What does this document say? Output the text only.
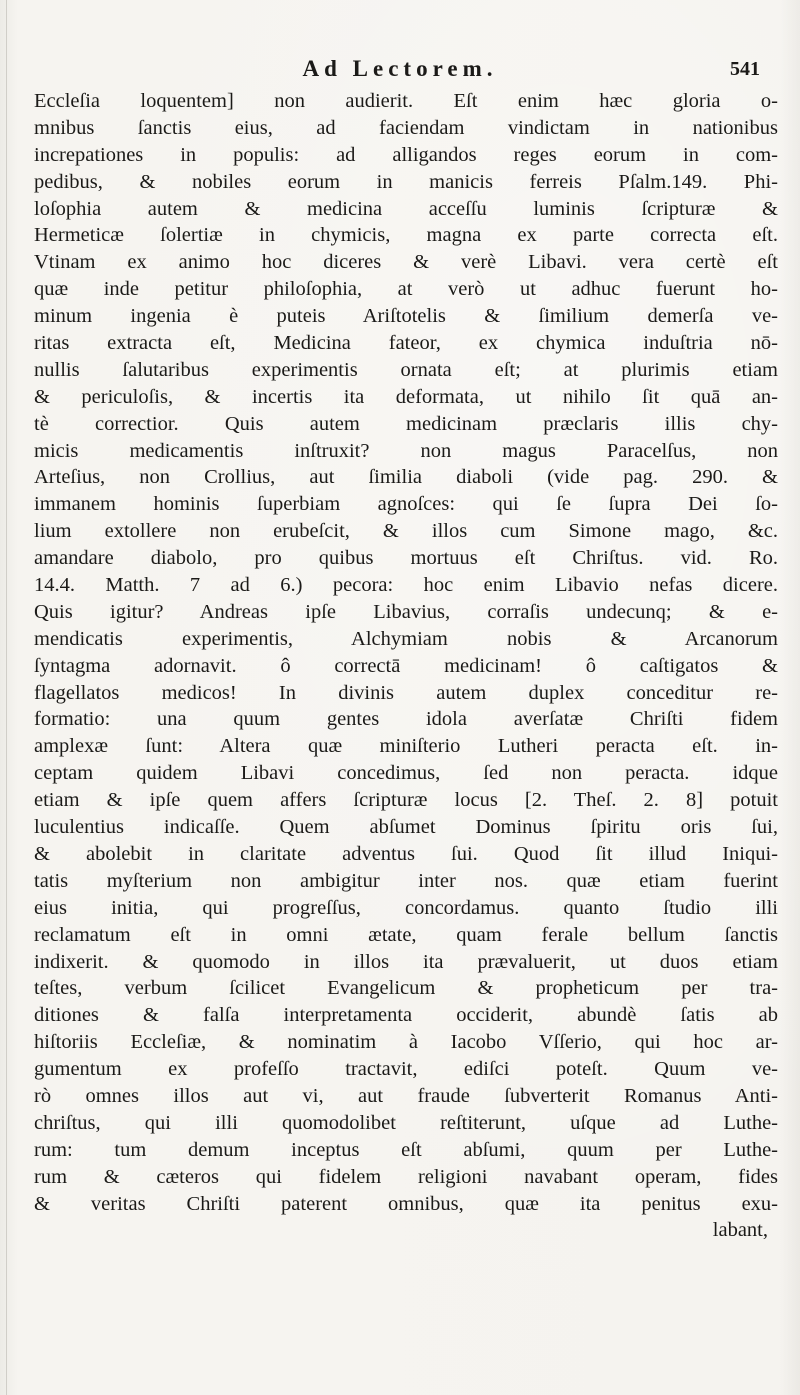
Ad Lectorem.	541
Eccleſia loquentem] non audierit. Eſt enim hæc gloria o-
mnibus ſanctis eius, ad faciendam vindictam in nationibus
increpationes in populis: ad alligandos reges eorum in com-
pedibus, & nobiles eorum in manicis ferreis Pſalm.149. Phi-
loſophia autem & medicina acceſſu luminis ſcripturæ &
Hermeticæ ſolertiæ in chymicis, magna ex parte correcta eſt.
Vtinam ex animo hoc diceres & verè Libavi. vera certè eſt
quæ inde petitur philoſophia, at verò ut adhuc fuerunt ho-
minum ingenia è puteis Ariſtotelis & ſimilium demerſa ve-
ritas extracta eſt, Medicina fateor, ex chymica induſtria nō-
nullis ſalutaribus experimentis ornata eſt; at plurimis etiam
& periculoſis, & incertis ita deformata, ut nihilo ſit quā an-
tè correctior. Quis autem medicinam præclaris illis chy-
micis medicamentis inſtruxit? non magus Paracelſus, non
Arteſius, non Crollius, aut ſimilia diaboli (vide pag. 290. &
immanem hominis ſuperbiam agnoſces: qui ſe ſupra Dei ſo-
lium extollere non erubeſcit, & illos cum Simone mago, &c.
amandare diabolo, pro quibus mortuus eſt Chriſtus. vid. Ro.
14.4. Matth. 7 ad 6.) pecora: hoc enim Libavio nefas dicere.
Quis igitur? Andreas ipſe Libavius, corraſis undecunq; & e-
mendicatis experimentis, Alchymiam nobis & Arcanorum
ſyntagma adornavit. ô correctā medicinam! ô caſtigatos &
flagellatos medicos! In divinis autem duplex conceditur re-
formatio: una quum gentes idola averſatæ Chriſti fidem
amplexæ ſunt: Altera quæ miniſterio Lutheri peracta eſt. in-
ceptam quidem Libavi concedimus, ſed non peracta. idque
etiam & ipſe quem affers ſcripturæ locus [2. Theſ. 2. 8] potuit
luculentius indicaſſe. Quem abſumet Dominus ſpiritu oris ſui,
& abolebit in claritate adventus ſui. Quod ſit illud Iniqui-
tatis myſterium non ambigitur inter nos. quæ etiam fuerint
eius initia, qui progreſſus, concordamus. quanto ſtudio illi
reclamatum eſt in omni ætate, quam ferale bellum ſanctis
indixerit. & quomodo in illos ita prævaluerit, ut duos etiam
teſtes, verbum ſcilicet Evangelicum & propheticum per tra-
ditiones & falſa interpretamenta occiderit, abundè ſatis ab
hiſtoriis Eccleſiæ, & nominatim à Iacobo Vſſerio, qui hoc ar-
gumentum ex profeſſo tractavit, ediſci poteſt. Quum ve-
rò omnes illos aut vi, aut fraude ſubverterit Romanus Anti-
chriſtus, qui illi quomodolibet reſtiterunt, uſque ad Luthe-
rum: tum demum inceptus eſt abſumi, quum per Luthe-
rum & cæteros qui fidelem religioni navabant operam, fides
& veritas Chriſti paterent omnibus, quæ ita penitus exu-
labant,
